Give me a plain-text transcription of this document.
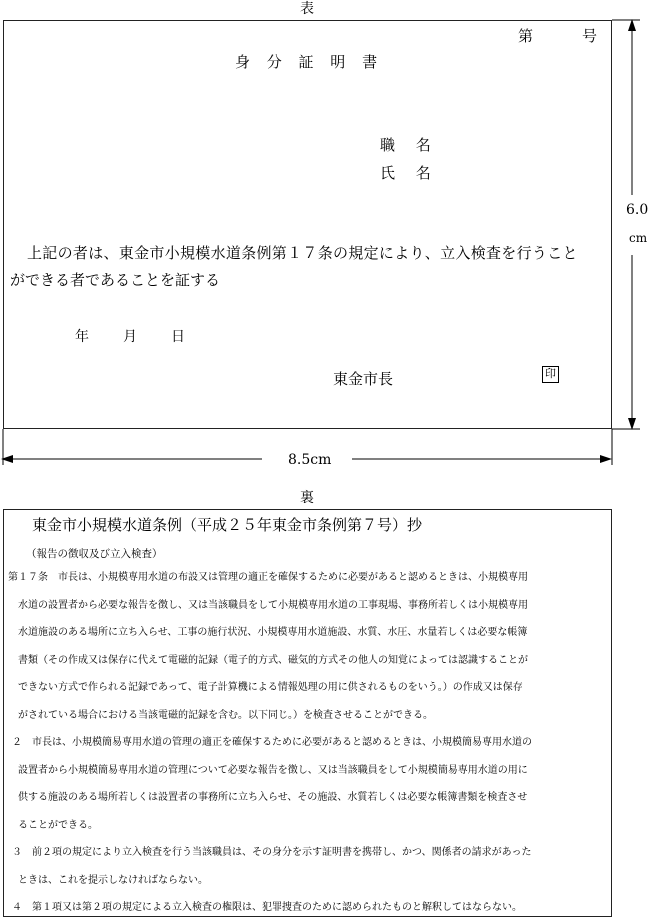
表
第	号
身 分 証 明 書
職 名
氏 名
上記の者は、東金市小規模水道条例第１７条の規定により、立入検査を行うこと
ができる者であることを証する
年 月 日
東金市長	印
6.0
cm
8.5cm
裏
東金市小規模水道条例（平成２５年東金市条例第７号）抄
（報告の徴収及び立入検査）
第１７条　市長は、小規模専用水道の布設又は管理の適正を確保するために必要があると認めるときは、小規模専用
水道の設置者から必要な報告を徴し、又は当該職員をして小規模専用水道の工事現場、事務所若しくは小規模専用
水道施設のある場所に立ち入らせ、工事の施行状況、小規模専用水道施設、水質、水圧、水量若しくは必要な帳簿
書類（その作成又は保存に代えて電磁的記録（電子的方式、磁気的方式その他人の知覚によっては認識することが
できない方式で作られる記録であって、電子計算機による情報処理の用に供されるものをいう。）の作成又は保存
がされている場合における当該電磁的記録を含む。以下同じ。）を検査させることができる。
２　市長は、小規模簡易専用水道の管理の適正を確保するために必要があると認めるときは、小規模簡易専用水道の
設置者から小規模簡易専用水道の管理について必要な報告を徴し、又は当該職員をして小規模簡易専用水道の用に
供する施設のある場所若しくは設置者の事務所に立ち入らせ、その施設、水質若しくは必要な帳簿書類を検査させ
ることができる。
３　前２項の規定により立入検査を行う当該職員は、その身分を示す証明書を携帯し、かつ、関係者の請求があった
ときは、これを提示しなければならない。
４　第１項又は第２項の規定による立入検査の権限は、犯罪捜査のために認められたものと解釈してはならない。
